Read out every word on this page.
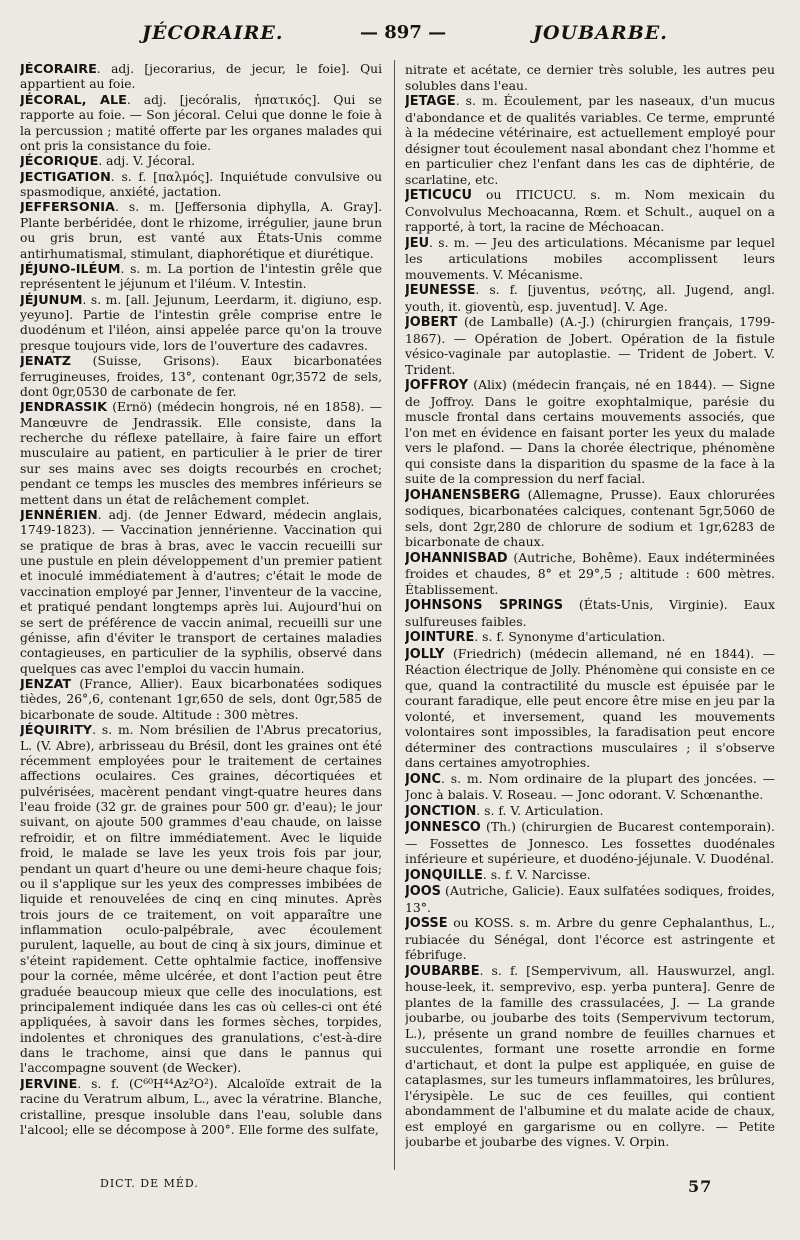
JÉCORAIRE.	— 897 —	JOUBARBE.

JÉCORAIRE. adj. [jecorarius, de jecur, le foie]. Qui appartient au foie.

JÉCORAL, ALE. adj. [jecóralis, ἡπατικός]. Qui se rapporte au foie. — Son jécoral. Celui que donne le foie à la percussion ; matité offerte par les organes malades qui ont pris la consistance du foie.

JÉCORIQUE. adj. V. Jécoral.

JECTIGATION. s. f. [παλμός]. Inquiétude convulsive ou spasmodique, anxiété, jactation.

JEFFERSONIA. s. m. [Jeffersonia diphylla, A. Gray]. Plante berbéridée, dont le rhizome, irrégulier, jaune brun ou gris brun, est vanté aux États-Unis comme antirhumatismal, stimulant, diaphorétique et diurétique.

JÉJUNO-ILÉUM. s. m. La portion de l'intestin grêle que représentent le jéjunum et l'iléum. V. Intestin.

JÉJUNUM. s. m. [all. Jejunum, Leerdarm, it. digiuno, esp. yeyuno]. Partie de l'intestin grêle comprise entre le duodénum et l'iléon, ainsi appelée parce qu'on la trouve presque toujours vide, lors de l'ouverture des cadavres.

JENATZ (Suisse, Grisons). Eaux bicarbonatées ferrugineuses, froides, 13°, contenant 0gr,3572 de sels, dont 0gr,0530 de carbonate de fer.

JENDRASSIK (Ernö) (médecin hongrois, né en 1858). — Manœuvre de Jendrassik. Elle consiste, dans la recherche du réflexe patellaire, à faire faire un effort musculaire au patient, en particulier à le prier de tirer sur ses mains avec ses doigts recourbés en crochet; pendant ce temps les muscles des membres inférieurs se mettent dans un état de relâchement complet.

JENNÉRIEN. adj. (de Jenner Edward, médecin anglais, 1749-1823). — Vaccination jennérienne. Vaccination qui se pratique de bras à bras, avec le vaccin recueilli sur une pustule en plein développement d'un premier patient et inoculé immédiatement à d'autres; c'était le mode de vaccination employé par Jenner, l'inventeur de la vaccine, et pratiqué pendant longtemps après lui. Aujourd'hui on se sert de préférence de vaccin animal, recueilli sur une génisse, afin d'éviter le transport de certaines maladies contagieuses, en particulier de la syphilis, observé dans quelques cas avec l'emploi du vaccin humain.

JENZAT (France, Allier). Eaux bicarbonatées sodiques tièdes, 26°,6, contenant 1gr,650 de sels, dont 0gr,585 de bicarbonate de soude. Altitude : 300 mètres.

JÉQUIRITY. s. m. Nom brésilien de l'Abrus precatorius, L. (V. Abre), arbrisseau du Brésil, dont les graines ont été récemment employées pour le traitement de certaines affections oculaires. Ces graines, décortiquées et pulvérisées, macèrent pendant vingt-quatre heures dans l'eau froide (32 gr. de graines pour 500 gr. d'eau); le jour suivant, on ajoute 500 grammes d'eau chaude, on laisse refroidir, et on filtre immédiatement. Avec le liquide froid, le malade se lave les yeux trois fois par jour, pendant un quart d'heure ou une demi-heure chaque fois; ou il s'applique sur les yeux des compresses imbibées de liquide et renouvelées de cinq en cinq minutes. Après trois jours de ce traitement, on voit apparaître une inflammation oculo-palpébrale, avec écoulement purulent, laquelle, au bout de cinq à six jours, diminue et s'éteint rapidement. Cette ophtalmie factice, inoffensive pour la cornée, même ulcérée, et dont l'action peut être graduée beaucoup mieux que celle des inoculations, est principalement indiquée dans les cas où celles-ci ont été appliquées, à savoir dans les formes sèches, torpides, indolentes et chroniques des granulations, c'est-à-dire dans le trachome, ainsi que dans le pannus qui l'accompagne souvent (de Wecker).

JERVINE. s. f. (C⁶⁰H⁴⁴Az²O²). Alcaloïde extrait de la racine du Veratrum album, L., avec la vératrine. Blanche, cristalline, presque insoluble dans l'eau, soluble dans l'alcool; elle se décompose à 200°. Elle forme des sulfate,

nitrate et acétate, ce dernier très soluble, les autres peu solubles dans l'eau.

JETAGE. s. m. Écoulement, par les naseaux, d'un mucus d'abondance et de qualités variables. Ce terme, emprunté à la médecine vétérinaire, est actuellement employé pour désigner tout écoulement nasal abondant chez l'homme et en particulier chez l'enfant dans les cas de diphtérie, de scarlatine, etc.

JETICUCU ou ITICUCU. s. m. Nom mexicain du Convolvulus Mechoacanna, Rœm. et Schult., auquel on a rapporté, à tort, la racine de Méchoacan.

JEU. s. m. — Jeu des articulations. Mécanisme par lequel les articulations mobiles accomplissent leurs mouvements. V. Mécanisme.

JEUNESSE. s. f. [juventus, νεότης, all. Jugend, angl. youth, it. gioventù, esp. juventud]. V. Age.

JOBERT (de Lamballe) (A.-J.) (chirurgien français, 1799-1867). — Opération de Jobert. Opération de la fistule vésico-vaginale par autoplastie. — Trident de Jobert. V. Trident.

JOFFROY (Alix) (médecin français, né en 1844). — Signe de Joffroy. Dans le goitre exophtalmique, parésie du muscle frontal dans certains mouvements associés, que l'on met en évidence en faisant porter les yeux du malade vers le plafond. — Dans la chorée électrique, phénomène qui consiste dans la disparition du spasme de la face à la suite de la compression du nerf facial.

JOHANENSBERG (Allemagne, Prusse). Eaux chlorurées sodiques, bicarbonatées calciques, contenant 5gr,5060 de sels, dont 2gr,280 de chlorure de sodium et 1gr,6283 de bicarbonate de chaux.

JOHANNISBAD (Autriche, Bohême). Eaux indéterminées froides et chaudes, 8° et 29°,5 ; altitude : 600 mètres. Établissement.

JOHNSONS SPRINGS (États-Unis, Virginie). Eaux sulfureuses faibles.

JOINTURE. s. f. Synonyme d'articulation.

JOLLY (Friedrich) (médecin allemand, né en 1844). — Réaction électrique de Jolly. Phénomène qui consiste en ce que, quand la contractilité du muscle est épuisée par le courant faradique, elle peut encore être mise en jeu par la volonté, et inversement, quand les mouvements volontaires sont impossibles, la faradisation peut encore déterminer des contractions musculaires ; il s'observe dans certaines amyotrophies.

JONC. s. m. Nom ordinaire de la plupart des joncées. — Jonc à balais. V. Roseau. — Jonc odorant. V. Schœnanthe.

JONCTION. s. f. V. Articulation.

JONNESCO (Th.) (chirurgien de Bucarest contemporain). — Fossettes de Jonnesco. Les fossettes duodénales inférieure et supérieure, et duodéno-jéjunale. V. Duodénal.

JONQUILLE. s. f. V. Narcisse.

JOOS (Autriche, Galicie). Eaux sulfatées sodiques, froides, 13°.

JOSSE ou KOSS. s. m. Arbre du genre Cephalanthus, L., rubiacée du Sénégal, dont l'écorce est astringente et fébrifuge.

JOUBARBE. s. f. [Sempervivum, all. Hauswurzel, angl. house-leek, it. semprevivo, esp. yerba puntera]. Genre de plantes de la famille des crassulacées, J. — La grande joubarbe, ou joubarbe des toits (Sempervivum tectorum, L.), présente un grand nombre de feuilles charnues et succulentes, formant une rosette arrondie en forme d'artichaut, et dont la pulpe est appliquée, en guise de cataplasmes, sur les tumeurs inflammatoires, les brûlures, l'érysipèle. Le suc de ces feuilles, qui contient abondamment de l'albumine et du malate acide de chaux, est employé en gargarisme ou en collyre. — Petite joubarbe et joubarbe des vignes. V. Orpin.

DICT. DE MÉD.	57
